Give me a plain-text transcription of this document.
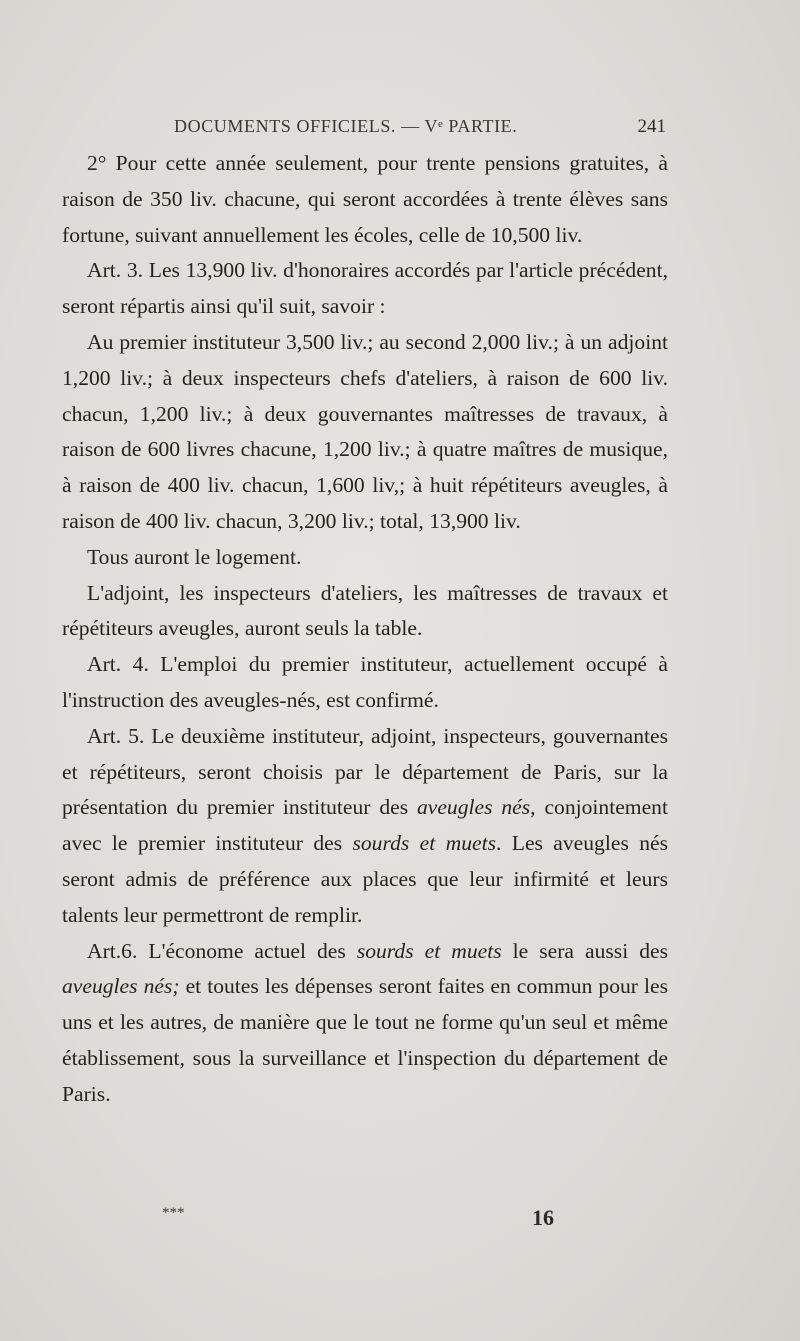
DOCUMENTS OFFICIELS. — Vᵉ PARTIE.	241

2° Pour cette année seulement, pour trente pensions gratuites, à raison de 350 liv. chacune, qui seront accordées à trente élèves sans fortune, suivant annuellement les écoles, celle de 10,500 liv.

Art. 3. Les 13,900 liv. d'honoraires accordés par l'article précédent, seront répartis ainsi qu'il suit, savoir :

Au premier instituteur 3,500 liv.; au second 2,000 liv.; à un adjoint 1,200 liv.; à deux inspecteurs chefs d'ateliers, à raison de 600 liv. chacun, 1,200 liv.; à deux gouvernantes maîtresses de travaux, à raison de 600 livres chacune, 1,200 liv.; à quatre maîtres de musique, à raison de 400 liv. chacun, 1,600 liv,; à huit répétiteurs aveugles, à raison de 400 liv. chacun, 3,200 liv.; total, 13,900 liv.

Tous auront le logement.

L'adjoint, les inspecteurs d'ateliers, les maîtresses de travaux et répétiteurs aveugles, auront seuls la table.

Art. 4. L'emploi du premier instituteur, actuellement occupé à l'instruction des aveugles-nés, est confirmé.

Art. 5. Le deuxième instituteur, adjoint, inspecteurs, gouvernantes et répétiteurs, seront choisis par le département de Paris, sur la présentation du premier instituteur des aveugles nés, conjointement avec le premier instituteur des sourds et muets. Les aveugles nés seront admis de préférence aux places que leur infirmité et leurs talents leur permettront de remplir.

Art.6. L'économe actuel des sourds et muets le sera aussi des aveugles nés; et toutes les dépenses seront faites en commun pour les uns et les autres, de manière que le tout ne forme qu'un seul et même établissement, sous la surveillance et l'inspection du département de Paris.

***	16
